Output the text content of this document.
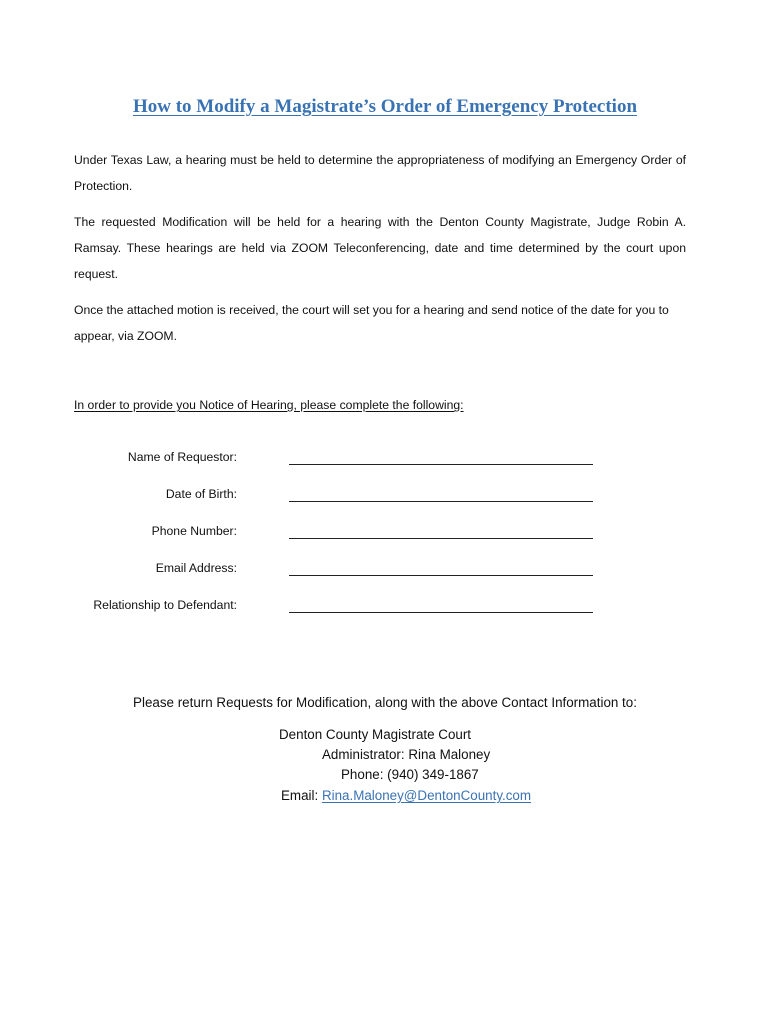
How to Modify a Magistrate’s Order of Emergency Protection

Under Texas Law, a hearing must be held to determine the appropriateness of modifying an Emergency Order of Protection.

The requested Modification will be held for a hearing with the Denton County Magistrate, Judge Robin A. Ramsay. These hearings are held via ZOOM Teleconferencing, date and time determined by the court upon request.

Once the attached motion is received, the court will set you for a hearing and send notice of the date for you to appear, via ZOOM.

In order to provide you Notice of Hearing, please complete the following:
Name of Requestor:
Date of Birth:
Phone Number:
Email Address:
Relationship to Defendant:
Please return Requests for Modification, along with the above Contact Information to:
Denton County Magistrate Court
Administrator: Rina Maloney
Phone: (940) 349-1867
Email: Rina.Maloney@DentonCounty.com
